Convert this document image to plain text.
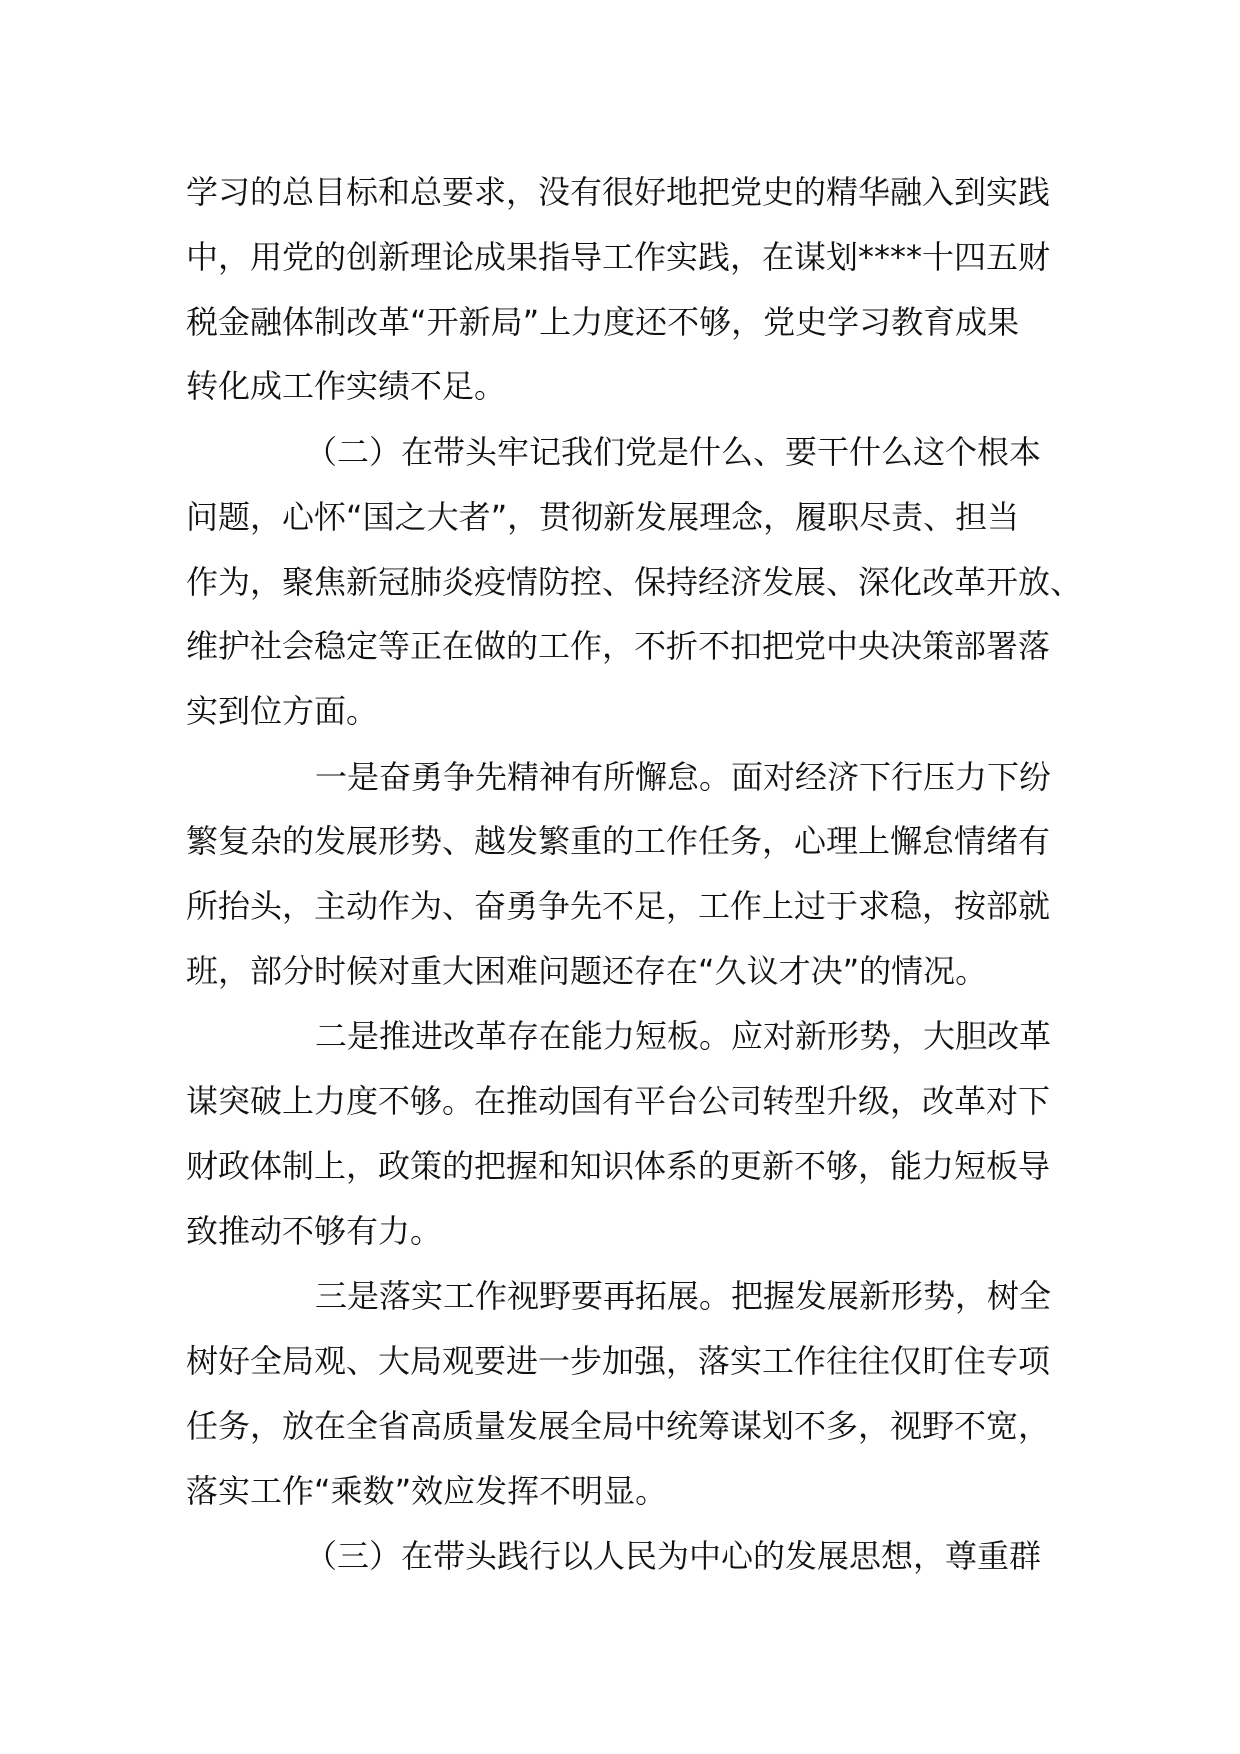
学习的总目标和总要求，没有很好地把党史的精华融入到实践

中，用党的创新理论成果指导工作实践，在谋划****十四五财

税金融体制改革“开新局”上力度还不够，党史学习教育成果

转化成工作实绩不足。

（二）在带头牢记我们党是什么、要干什么这个根本

问题，心怀“国之大者”，贯彻新发展理念，履职尽责、担当

作为，聚焦新冠肺炎疫情防控、保持经济发展、深化改革开放、

维护社会稳定等正在做的工作，不折不扣把党中央决策部署落

实到位方面。

一是奋勇争先精神有所懈怠。面对经济下行压力下纷

繁复杂的发展形势、越发繁重的工作任务，心理上懈怠情绪有

所抬头，主动作为、奋勇争先不足，工作上过于求稳，按部就

班，部分时候对重大困难问题还存在“久议才决”的情况。

二是推进改革存在能力短板。应对新形势，大胆改革

谋突破上力度不够。在推动国有平台公司转型升级，改革对下

财政体制上，政策的把握和知识体系的更新不够，能力短板导

致推动不够有力。

三是落实工作视野要再拓展。把握发展新形势，树全

树好全局观、大局观要进一步加强，落实工作往往仅盯住专项

任务，放在全省高质量发展全局中统筹谋划不多，视野不宽，

落实工作“乘数”效应发挥不明显。

（三）在带头践行以人民为中心的发展思想，尊重群
